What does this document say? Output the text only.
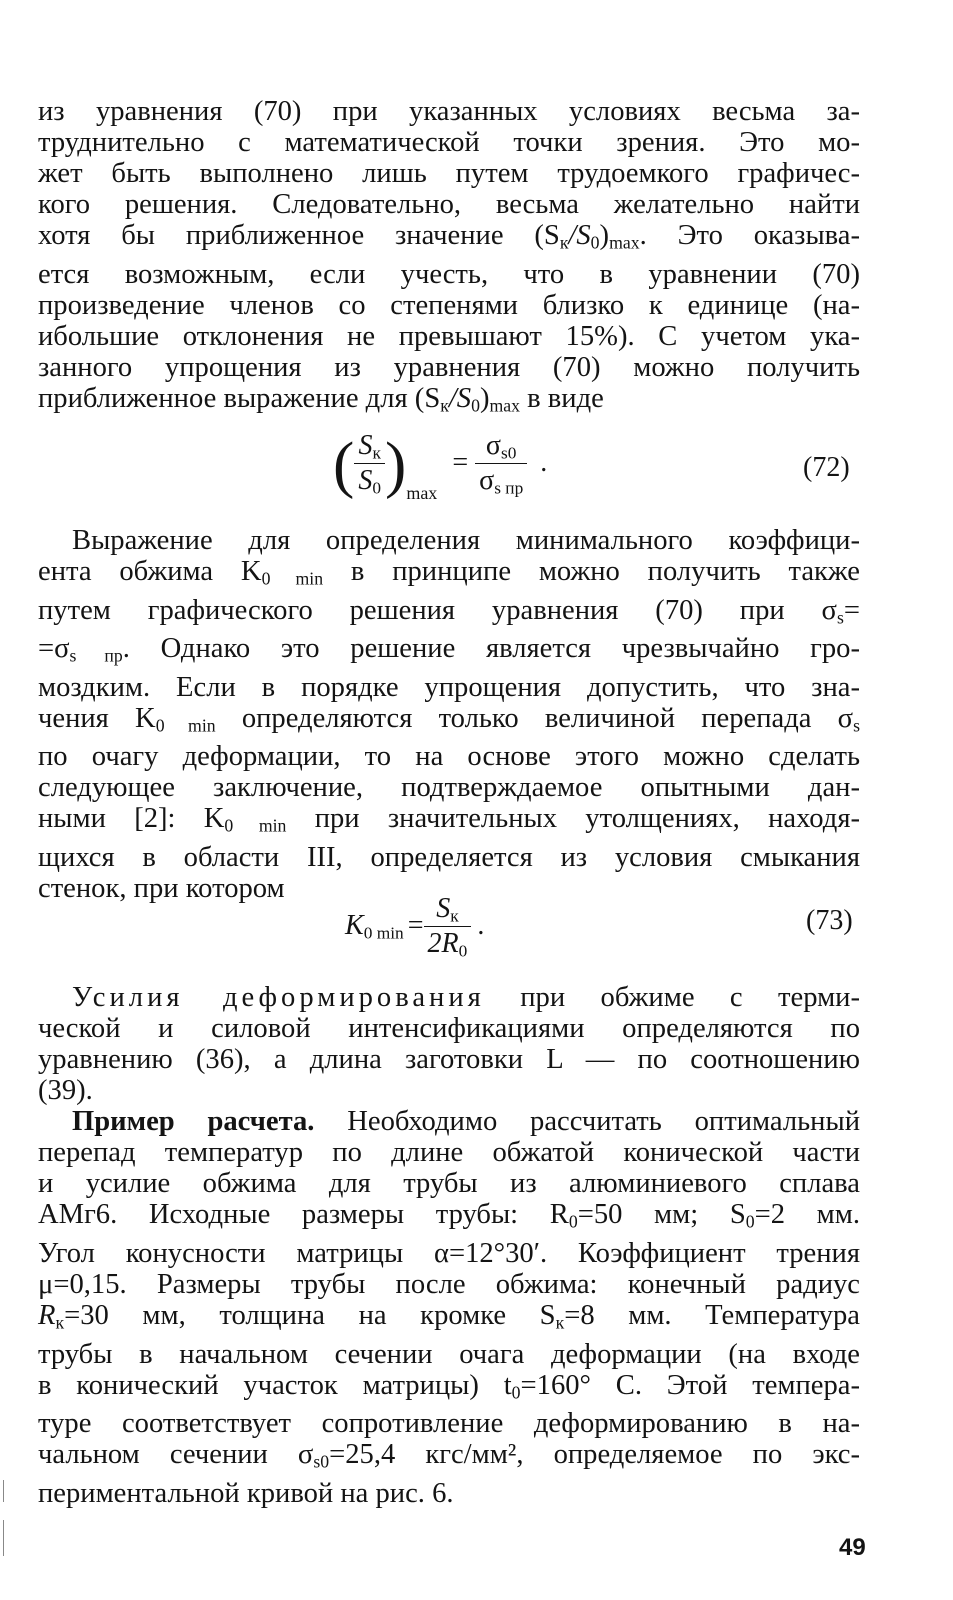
из уравнения (70) при указанных условиях весьма за-
труднительно с математической точки зрения. Это мо-
жет быть выполнено лишь путем трудоемкого графичес-
кого решения. Следовательно, весьма желательно найти
хотя бы приближенное значение $(S_к/S_0)_{max}$. Это оказыва-
ется возможным, если учесть, что в уравнении (70)
произведение членов со степенями близко к единице (на-
ибольшие отклонения не превышают 15%). С учетом ука-
занного упрощения из уравнения (70) можно получить
приближенное выражение для $(S_к/S_0)_{max}$ в виде
( $\frac{S_к}{S_0} )_{max} = \frac{\sigma_{s0}}{\sigma_{s пр}}$ .	(72)
Выражение для определения минимального коэффици-
ента обжима $K_{0 min}$ в принципе можно получить также
путем графического решения уравнения (70) при $\sigma_s=$
$=\sigma_{s пр}$. Однако это решение является чрезвычайно гро-
моздким. Если в порядке упрощения допустить, что зна-
чения $K_{0 min}$ определяются только величиной перепада $\sigma_s$
по очагу деформации, то на основе этого можно сделать
следующее заключение, подтверждаемое опытными дан-
ными [2]: $K_{0 min}$ при значительных утолщениях, находя-
щихся в области III, определяется из условия смыкания
стенок, при котором
$K_{0 min} = \frac{S_к}{2R_0}$ .	(73)
Усилия деформирования при обжиме с терми-
ческой и силовой интенсификациями определяются по
уравнению (36), а длина заготовки L — по соотношению
(39).
Пример расчета. Необходимо рассчитать оптимальный
перепад температур по длине обжатой конической части
и усилие обжима для трубы из алюминиевого сплава
АМг6. Исходные размеры трубы: $R_0=50$ мм; $S_0=2$ мм.
Угол конусности матрицы α=12°30′. Коэффициент трения
μ=0,15. Размеры трубы после обжима: конечный радиус
$R_к=30$ мм, толщина на кромке $S_к=8$ мм. Температура
трубы в начальном сечении очага деформации (на входе
в конический участок матрицы) $t_0=160^\circ$ С. Этой темпера-
туре соответствует сопротивление деформированию в на-
чальном сечении $\sigma_{s0}=25,4$ кгс/мм², определяемое по экс-
периментальной кривой на рис. 6.
49
